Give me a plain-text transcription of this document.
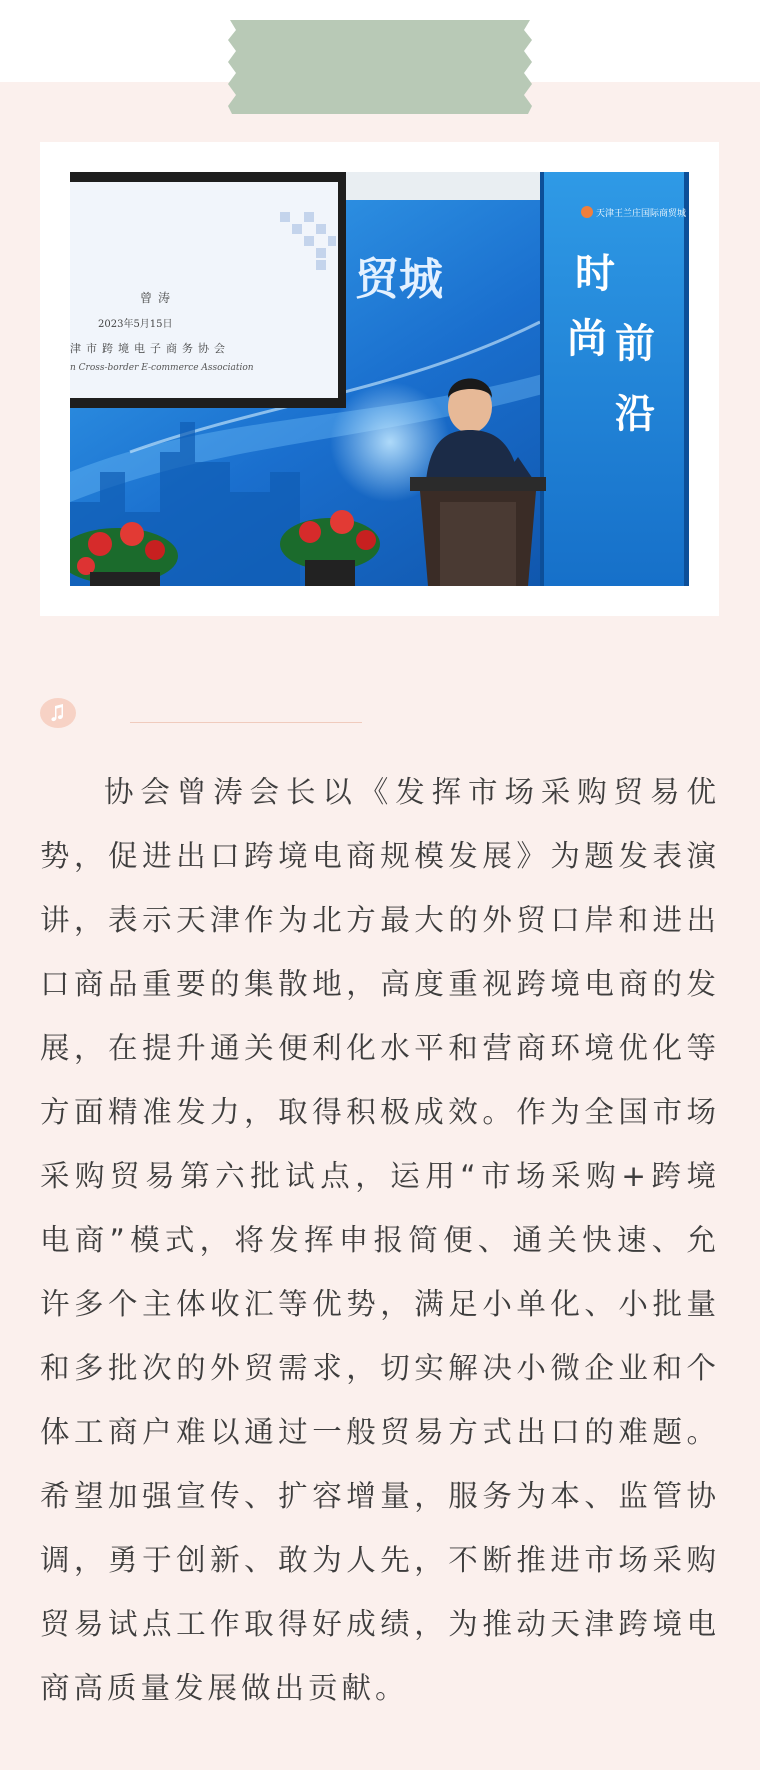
曾涛
2023年5月15日
津市跨境电子商务协会
n Cross-border E-commerce Association
贸城
天津王兰庄国际商贸城
时
尚 前
沿

协会曾涛会长以《发挥市场采购贸易优势，促进出口跨境电商规模发展》为题发表演讲，表示天津作为北方最大的外贸口岸和进出口商品重要的集散地，高度重视跨境电商的发展，在提升通关便利化水平和营商环境优化等方面精准发力，取得积极成效。作为全国市场采购贸易第六批试点，运用“市场采购+跨境电商”模式，将发挥申报简便、通关快速、允许多个主体收汇等优势，满足小单化、小批量和多批次的外贸需求，切实解决小微企业和个体工商户难以通过一般贸易方式出口的难题。希望加强宣传、扩容增量，服务为本、监管协调，勇于创新、敢为人先，不断推进市场采购贸易试点工作取得好成绩，为推动天津跨境电商高质量发展做出贡献。
